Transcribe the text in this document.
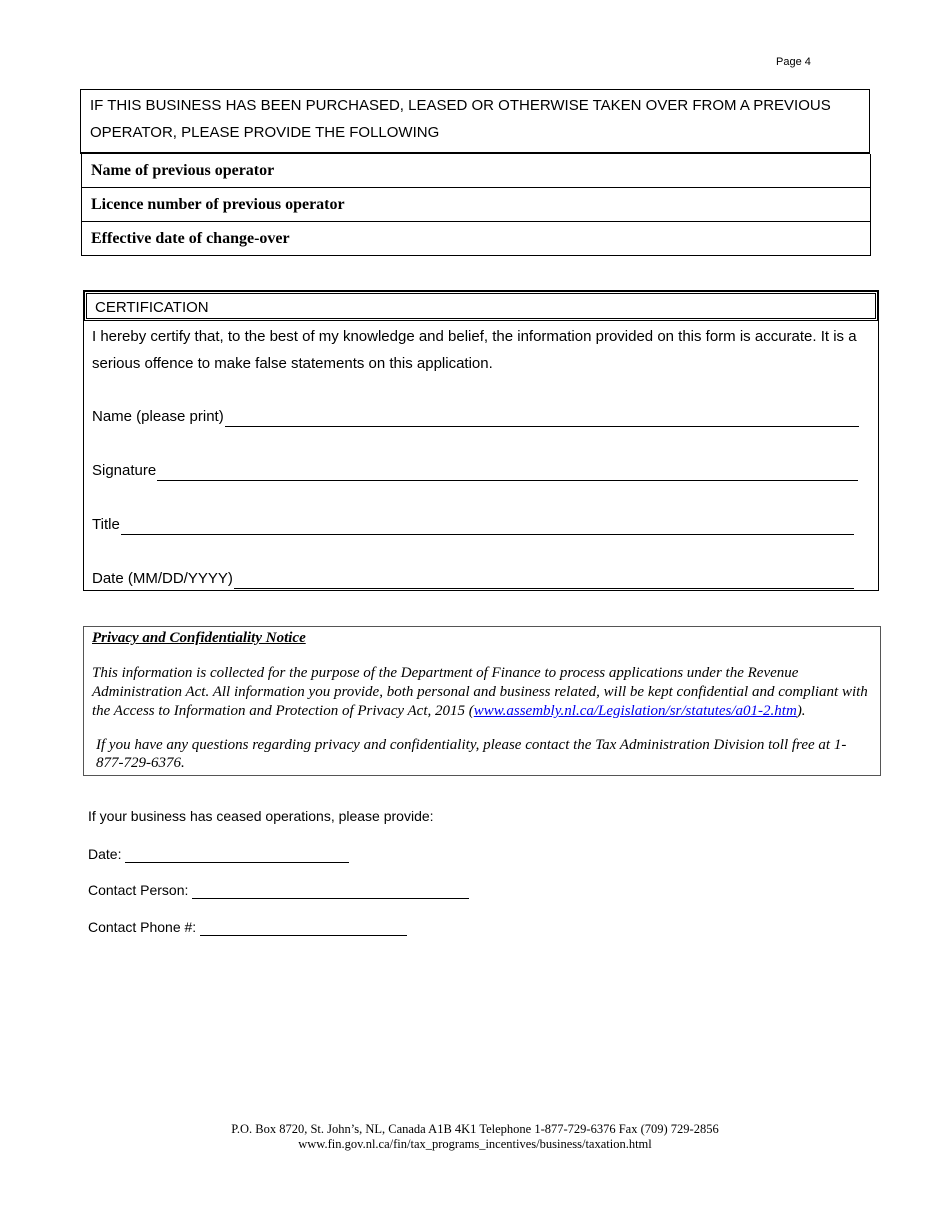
Page 4
IF THIS BUSINESS HAS BEEN PURCHASED, LEASED OR OTHERWISE TAKEN OVER FROM A PREVIOUS OPERATOR, PLEASE PROVIDE THE FOLLOWING
Name of previous operator
Licence number of previous operator
Effective date of change-over
CERTIFICATION
I hereby certify that, to the best of my knowledge and belief, the information provided on this form is accurate. It is a serious offence to make false statements on this application.
Name (please print)
Signature
Title
Date (MM/DD/YYYY)
Privacy and Confidentiality Notice
This information is collected for the purpose of the Department of Finance to process applications under the Revenue Administration Act. All information you provide, both personal and business related, will be kept confidential and compliant with the Access to Information and Protection of Privacy Act, 2015 (www.assembly.nl.ca/Legislation/sr/statutes/a01-2.htm).
If you have any questions regarding privacy and confidentiality, please contact the Tax Administration Division toll free at 1-877-729-6376.
If your business has ceased operations, please provide:
Date:
Contact Person:
Contact Phone #:
P.O. Box 8720, St. John’s, NL, Canada A1B 4K1 Telephone 1-877-729-6376 Fax (709) 729-2856
www.fin.gov.nl.ca/fin/tax_programs_incentives/business/taxation.html
